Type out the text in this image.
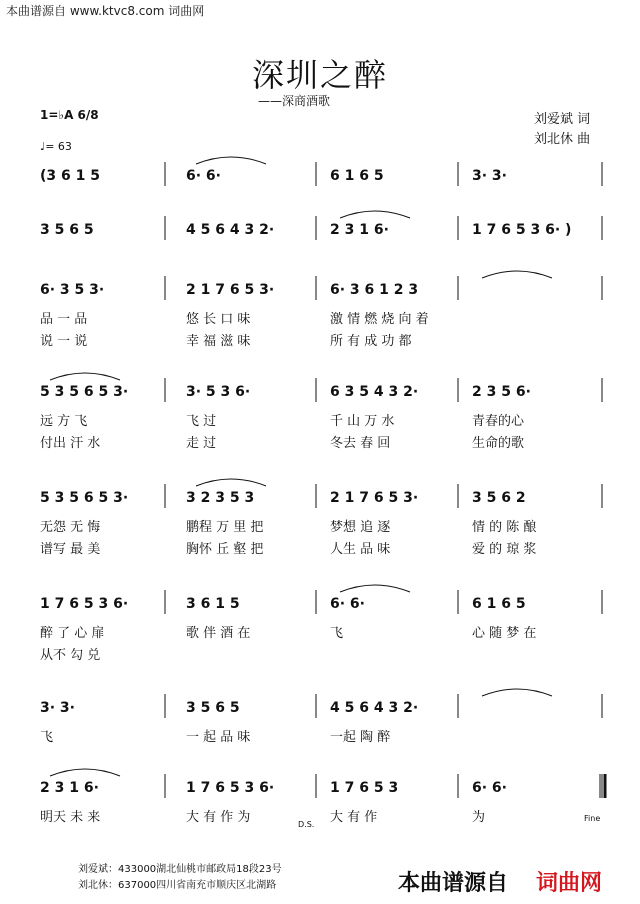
本曲谱源自 www.ktvc8.com 词曲网
深圳之醉
——深商酒歌
1=♭A 6/8
♩= 63
刘爱斌 词
刘北休 曲
(3 6 1 5	6· 6·	6 1 6 5	3· 3·
3 5 6 5	4 5 6 4 3 2·	2 3 1 6·	1 7 6 5 3 6· )
6· 3 5 3·	2 1 7 6 5 3·	6· 3 6 1 2 3
品 一 品	悠 长 口 味	激 情 燃 烧 向 着
说 一 说	幸 福 滋 味	所 有 成 功 都
5 3 5 6 5 3·	3· 5 3 6·	6 3 5 4 3 2·	2 3 5 6·
远 方 飞	飞 过	千 山 万 水	青春的心
付出 汗 水	走 过	冬去 春 回	生命的歌
5 3 5 6 5 3·	3 2 3 5 3	2 1 7 6 5 3·	3 5 6 2
无怨 无 悔	鹏程 万 里 把	梦想 追 逐	情 的 陈 酿
谱写 最 美	胸怀 丘 壑 把	人生 品 味	爱 的 琼 浆
1 7 6 5 3 6·	3 6 1 5	6· 6·	6 1 6 5
醉 了 心 扉	歌 伴 酒 在	飞	心 随 梦 在
从不 勾 兑
3· 3·	3 5 6 5	4 5 6 4 3 2·
飞	一 起 品 味	一起 陶 醉
2 3 1 6·	1 7 6 5 3 6·	1 7 6 5 3	6· 6·
明天 未 来	大 有 作 为	大 有 作	为
D.S.
Fine
刘爱斌：433000湖北仙桃市邮政局18段23号
刘北休：637000四川省南充市顺庆区北湖路	本曲谱源自 词曲网
